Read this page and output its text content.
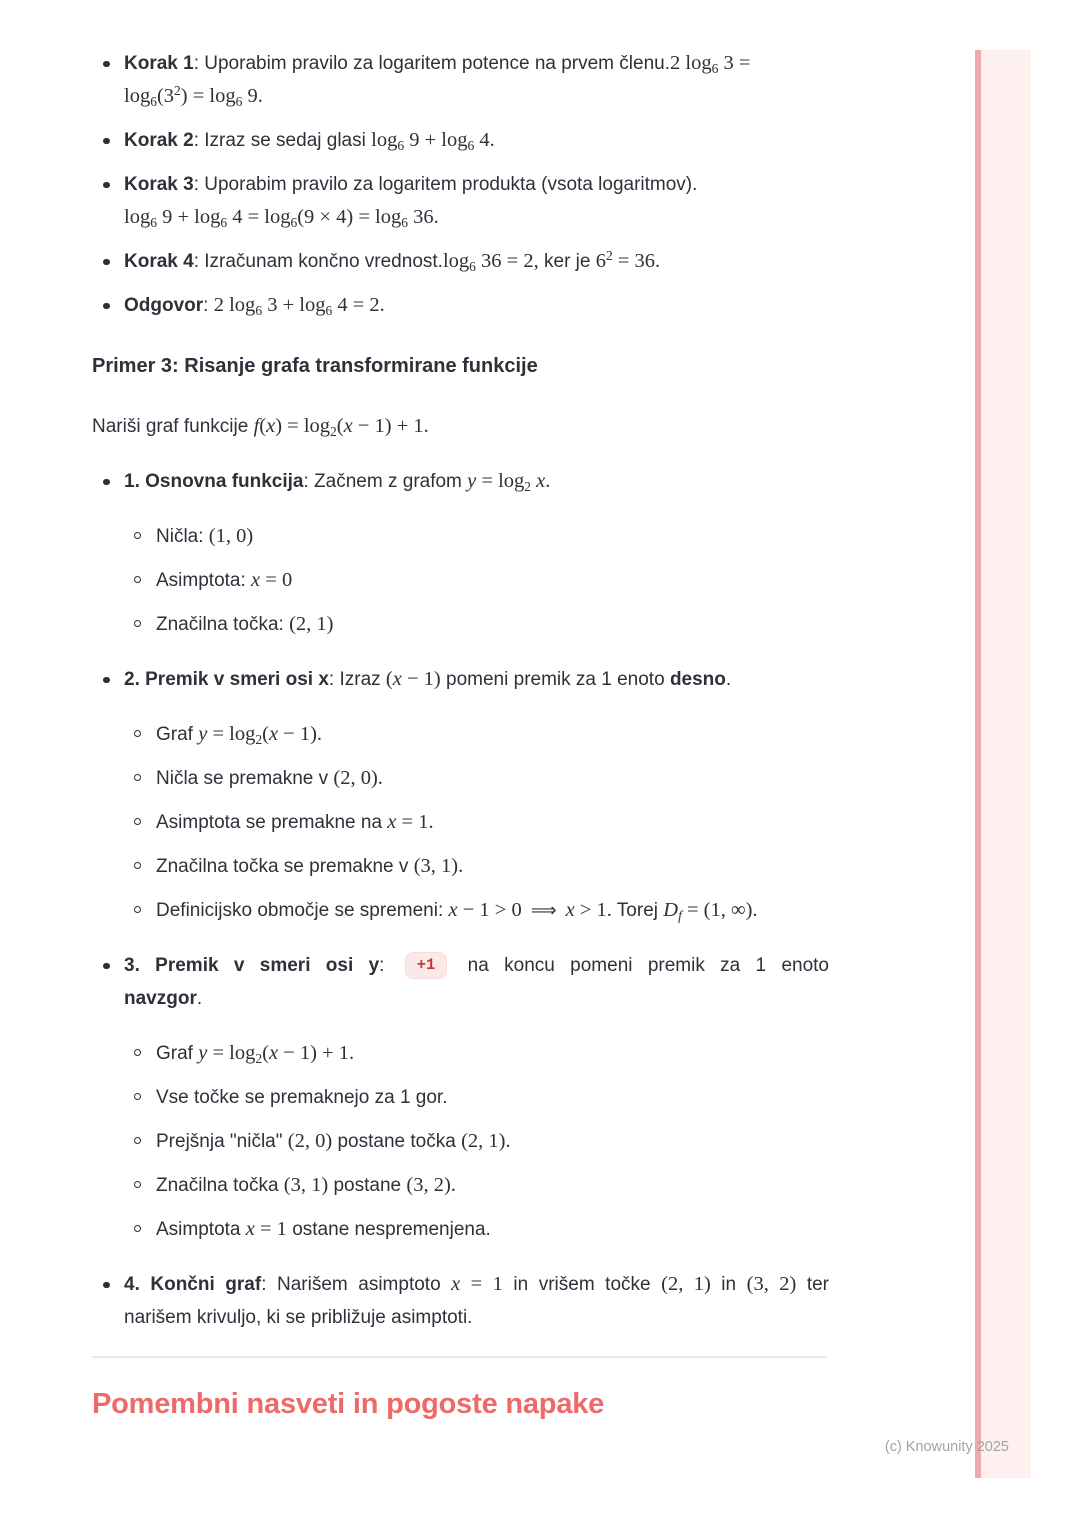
Korak 1: Uporabim pravilo za logaritem potence na prvem členu.2 $\log_6 3$ =
$\log_6(3^2) = \log_6 9$.
Korak 2: Izraz se sedaj glasi $\log_6 9 + \log_6 4$.
Korak 3: Uporabim pravilo za logaritem produkta (vsota logaritmov).
$\log_6 9 + \log_6 4 = \log_6(9 \times 4) = \log_6 36$.
Korak 4: Izračunam končno $vrednost.\log_6$ 36 = 2, ker je $6^2 = 36$.
Odgovor: 2 $\log_6 3 + \log_6 4 = 2$.
Primer 3: Risanje grafa transformirane funkcije

Nariši graf funkcije $f(x) = \log_2(x - 1) + 1$.

1. Osnovna funkcija: Začnem z grafom $y = \log_2 x$.
Ničla: (1, 0)
Asimptota: x = 0
Značilna točka: (2, 1)
2. Premik v smeri osi x: Izraz (x − 1) pomeni premik za 1 enoto desno.
Graf $y = \log_2(x - 1)$.
Ničla se premakne v (2, 0).
Asimptota se premakne na x = 1.
Značilna točka se premakne v (3, 1).
Definicijsko območje se spremeni: x − 1 > 0 ⟹ x > 1. Torej $D_f = (1$, ∞).
3. Premik v smeri osi y: +1 na koncu pomeni premik za 1 enoto
navzgor.
Graf $y = \log_2(x - 1) + 1$.
Vse točke se premaknejo za 1 gor.
Prejšnja "ničla" (2, 0) postane točka (2, 1).
Značilna točka (3, 1) postane (3, 2).
Asimptota x = 1 ostane nespremenjena.
4. Končni graf: Narišem asimptoto x = 1 in vrišem točke (2, 1) in (3, 2) ter
narišem krivuljo, ki se približuje asimptoti.
Pomembni nasveti in pogoste napake
(c) Knowunity 2025
